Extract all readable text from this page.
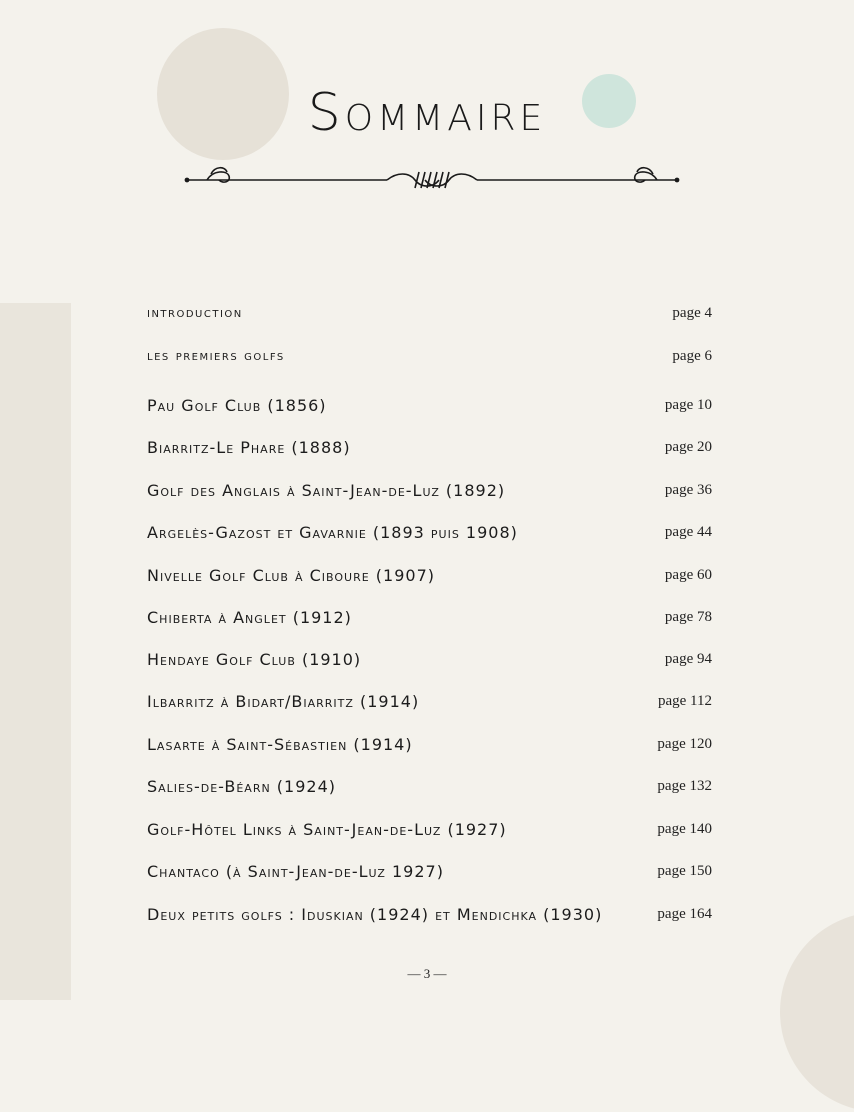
Sommaire
introduction	page 4
les premiers golfs	page 6
Pau Golf Club (1856)	page 10
Biarritz-Le Phare (1888)	page 20
Golf des Anglais à Saint-Jean-de-Luz (1892)	page 36
Argelès-Gazost et Gavarnie (1893 puis 1908)	page 44
Nivelle Golf Club à Ciboure (1907)	page 60
Chiberta à Anglet (1912)	page 78
Hendaye Golf Club (1910)	page 94
Ilbarritz à Bidart/Biarritz (1914)	page 112
Lasarte à Saint-Sébastien (1914)	page 120
Salies-de-Béarn (1924)	page 132
Golf-Hôtel Links à Saint-Jean-de-Luz (1927)	page 140
Chantaco (à Saint-Jean-de-Luz 1927)	page 150
Deux petits golfs : Iduskian (1924) et Mendichka (1930)	page 164
— 3 —
